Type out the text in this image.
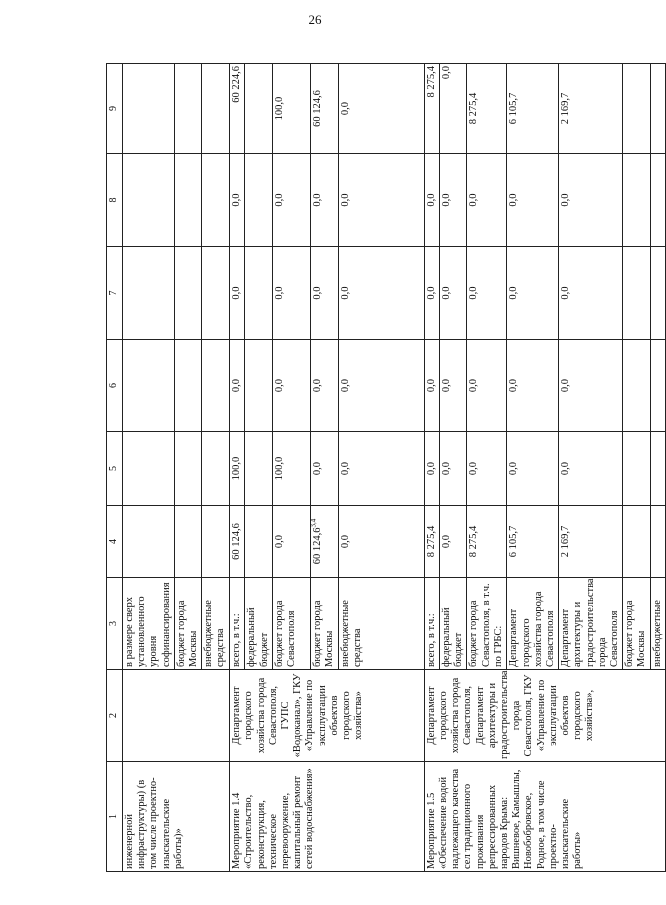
26
1	2	3	4	5	6	7	8	9
инженерной инфраструктуры) (в том числе проектно-изыскательские работы)»		в размере сверх установленного уровня софинансирования						
		бюджет города Москвы						
		внебюджетные средства						
Мероприятие 1.4 «Строительство, реконструкция, техническое перевооружение, капитальный ремонт сетей водоснабжения»	Департамент городского хозяйства города Севастополя, ГУПС «Водоканал», ГКУ «Управление по эксплуатации объектов городского хозяйства»	всего, в т.ч.:	60 124,6	100,0	0,0	0,0	0,0	60 224,6
		федеральный бюджет						
		бюджет города Севастополя	0,0	100,0	0,0	0,0	0,0	100,0
		бюджет города Москвы	60 124,6$^{3,4}$	0,0	0,0	0,0	0,0	60 124,6
		внебюджетные средства	0,0	0,0	0,0	0,0	0,0	0,0
Мероприятие 1.5 «Обеспечение водой надлежащего качества сел традиционного проживания репрессированных народов Крыма: Вишневое, Камышлы, Новобобровское, Родное, в том числе проектно-изыскательские работы»	Департамент городского хозяйства города Севастополя, Департамент архитектуры и градостроительства города Севастополя, ГКУ «Управление по эксплуатации объектов городского хозяйства»,	всего, в т.ч.:	8 275,4	0,0	0,0	0,0	0,0	8 275,4
		федеральный бюджет	0,0	0,0	0,0	0,0	0,0	0,0
		бюджет города Севастополя, в т.ч. по ГРБС:	8 275,4	0,0	0,0	0,0	0,0	8 275,4
		Департамент городского хозяйства города Севастополя	6 105,7	0,0	0,0	0,0	0,0	6 105,7
		Департамент архитектуры и градостроительства города Севастополя	2 169,7	0,0	0,0	0,0	0,0	2 169,7
		бюджет города Москвы						
		внебюджетные						
